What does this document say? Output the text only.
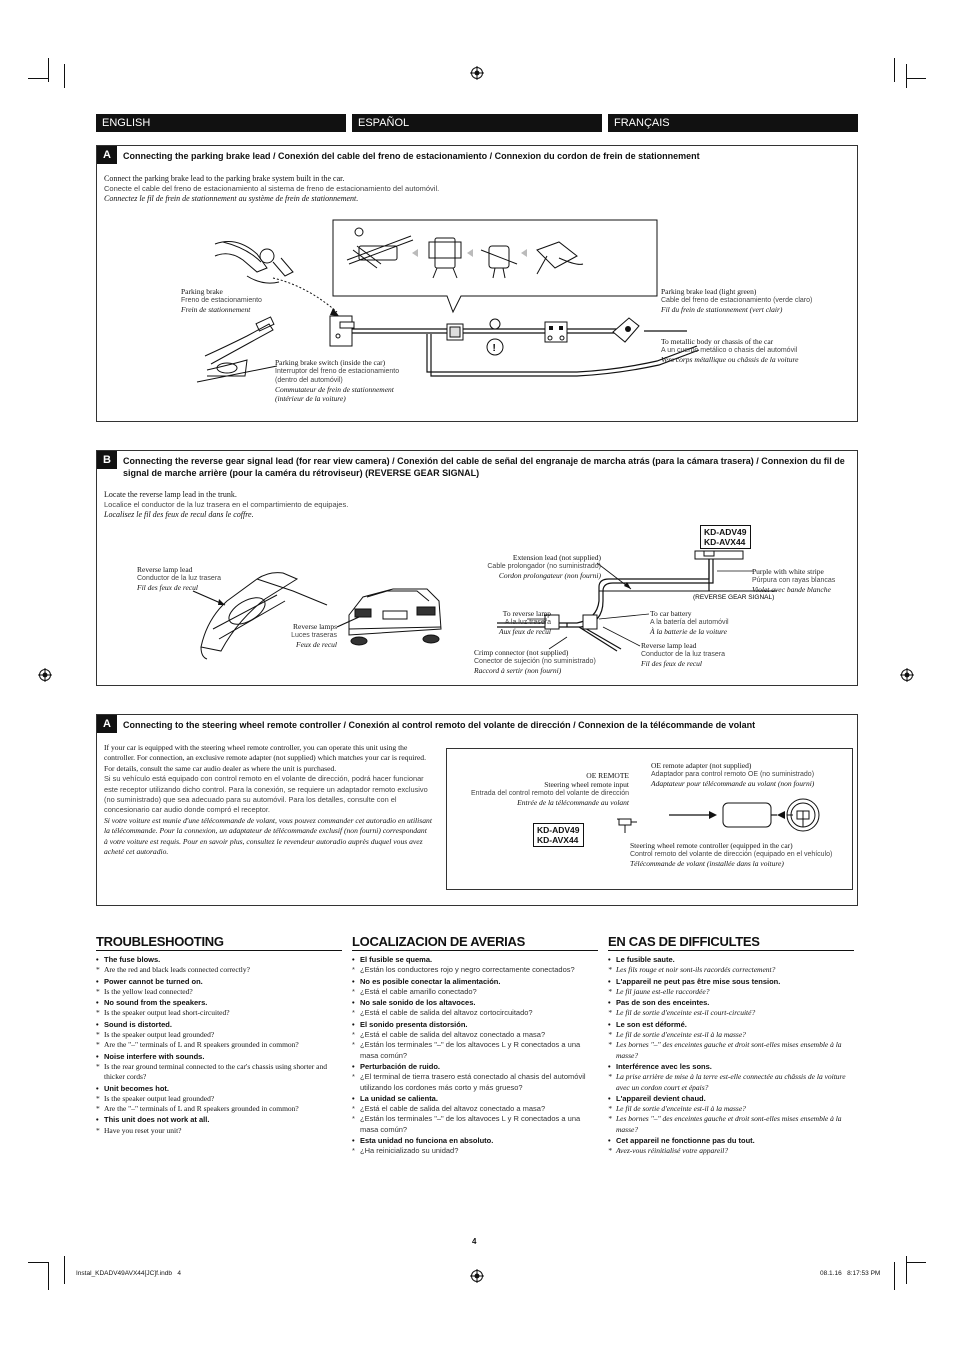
ENGLISH	ESPAÑOL	FRANÇAIS
A	Connecting the parking brake lead / Conexión del cable del freno de estacionamiento / Connexion du cordon de frein de stationnement
Connect the parking brake lead to the parking brake system built in the car.
Conecte el cable del freno de estacionamiento al sistema de freno de estacionamiento del automóvil.
Connectez le fil de frein de stationnement au système de frein de stationnement.
!
Parking brake
Freno de estacionamiento
Frein de stationnement
Parking brake switch (inside the car)
Interruptor del freno de estacionamiento
(dentro del automóvil)
Commutateur de frein de stationnement
(intérieur de la voiture)
Parking brake lead (light green)
Cable del freno de estacionamiento (verde claro)
Fil du frein de stationnement (vert clair)
To metallic body or chassis of the car
A un cuerpo metálico o chasis del automóvil
Vers corps métallique ou châssis de la voiture
B	Connecting the reverse gear signal lead (for rear view camera) / Conexión del cable de señal del engranaje de marcha atrás (para la cámara trasera) / Connexion du fil de signal de marche arrière (pour la caméra du rétroviseur) (REVERSE GEAR SIGNAL)
Locate the reverse lamp lead in the trunk.
Localice el conductor de la luz trasera en el compartimiento de equipajes.
Localisez le fil des feux de recul dans le coffre.
(REVERSE GEAR SIGNAL)
KD-ADV49
KD-AVX44
Reverse lamp lead
Conductor de la luz trasera
Fil des feux de recul
Reverse lamps
Luces traseras
Feux de recul
Extension lead (not supplied)
Cable prolongador (no suministrado)
Cordon prolongateur (non fourni)
To reverse lamp
A la luz trasera
Aux feux de recul
Crimp connector (not supplied)
Conector de sujeción (no suministrado)
Raccord à sertir (non fourni)
To car battery
A la batería del automóvil
À la batterie de la voiture
Reverse lamp lead
Conductor de la luz trasera
Fil des feux de recul
Purple with white stripe
Púrpura con rayas blancas
Violet avec bande blanche
A	Connecting to the steering wheel remote controller / Conexión al control remoto del volante de dirección / Connexion de la télécommande de volant
If your car is equipped with the steering wheel remote controller, you can operate this unit using the controller. For connection, an exclusive remote adapter (not supplied) which matches your car is required. For details, consult the same car audio dealer as where the unit is purchased.
Si su vehículo está equipado con control remoto en el volante de dirección, podrá hacer funcionar este receptor utilizando dicho control. Para la conexión, se requiere un adaptador remoto exclusivo (no suministrado) que sea adecuado para su automóvil. Para los detalles, consulte con el concesionario car audio donde compró el receptor.
Si votre voiture est munie d'une télécommande de volant, vous pouvez commander cet autoradio en utilisant la télécommande. Pour la connexion, un adaptateur de télécommande exclusif (non fourni) correspondant à votre voiture est requis. Pour en savoir plus, consultez le revendeur autoradio auprès duquel vous avez acheté cet autoradio.
KD-ADV49
KD-AVX44
OE REMOTE
Steering wheel remote input
Entrada del control remoto del volante de dirección
Entrée de la télécommande au volant
OE remote adapter (not supplied)
Adaptador para control remoto OE (no suministrado)
Adaptateur pour télécommande au volant (non fourni)
Steering wheel remote controller (equipped in the car)
Control remoto del volante de dirección (equipado en el vehículo)
Télécommande de volant (installée dans la voiture)
TROUBLESHOOTING	LOCALIZACION DE AVERIAS	EN CAS DE DIFFICULTES
• The fuse blows.
* Are the red and black leads connected correctly?
• Power cannot be turned on.
* Is the yellow lead connected?
• No sound from the speakers.
* Is the speaker output lead short-circuited?
• Sound is distorted.
* Is the speaker output lead grounded?
* Are the "–" terminals of L and R speakers grounded in common?
• Noise interfere with sounds.
* Is the rear ground terminal connected to the car's chassis using shorter and thicker cords?
• Unit becomes hot.
* Is the speaker output lead grounded?
* Are the "–" terminals of L and R speakers grounded in common?
• This unit does not work at all.
* Have you reset your unit?
• El fusible se quema.
* ¿Están los conductores rojo y negro correctamente conectados?
• No es posible conectar la alimentación.
* ¿Está el cable amarillo conectado?
• No sale sonido de los altavoces.
* ¿Está el cable de salida del altavoz cortocircuitado?
• El sonido presenta distorsión.
* ¿Está el cable de salida del altavoz conectado a masa?
* ¿Están los terminales "–" de los altavoces L y R conectados a una masa común?
• Perturbación de ruido.
* ¿El terminal de tierra trasero está conectado al chasis del automóvil utilizando los cordones más corto y más grueso?
• La unidad se calienta.
* ¿Está el cable de salida del altavoz conectado a masa?
* ¿Están los terminales "–" de los altavoces L y R conectados a una masa común?
• Esta unidad no funciona en absoluto.
* ¿Ha reinicializado su unidad?
• Le fusible saute.
* Les fils rouge et noir sont-ils racordés correctement?
• L'appareil ne peut pas être mise sous tension.
* Le fil jaune est-elle raccordée?
• Pas de son des enceintes.
* Le fil de sortie d'enceinte est-il court-circuité?
• Le son est déformé.
* Le fil de sortie d'enceinte est-il à la masse?
* Les bornes "–" des enceintes gauche et droit sont-elles mises ensemble à la masse?
• Interférence avec les sons.
* La prise arrière de mise à la terre est-elle connectée au châssis de la voiture avec un cordon court et épais?
• L'appareil devient chaud.
* Le fil de sortie d'enceinte est-il à la masse?
* Les bornes "–" des enceintes gauche et droit sont-elles mises ensemble à la masse?
• Cet appareil ne fonctionne pas du tout.
* Avez-vous réinitialisé votre appareil?
4
Instal_KDADV49AVX44[JC]f.indb   4	08.1.16   8:17:53 PM
